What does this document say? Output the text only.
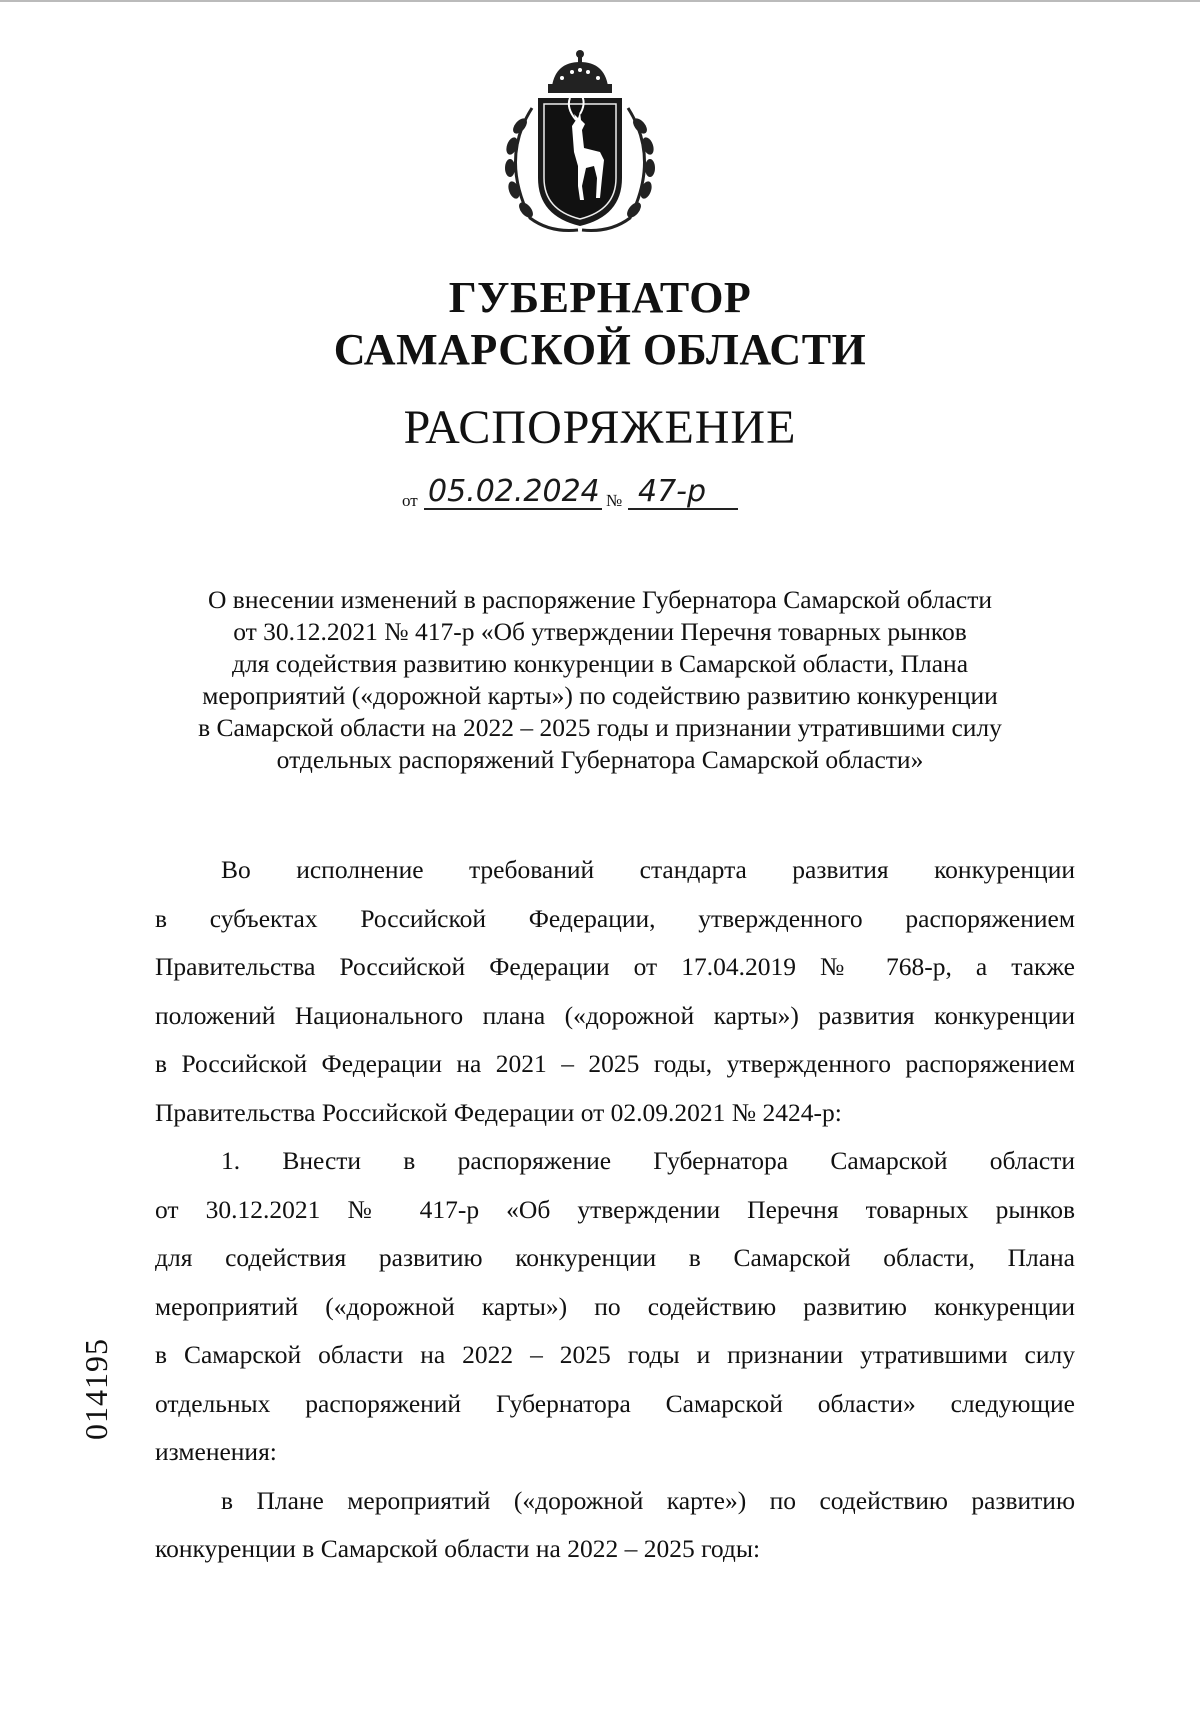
ГУБЕРНАТОР
САМАРСКОЙ ОБЛАСТИ
РАСПОРЯЖЕНИЕ
от 05.02.2024 № 47-р
О внесении изменений в распоряжение Губернатора Самарской области
от 30.12.2021 № 417-р «Об утверждении Перечня товарных рынков
для содействия развитию конкуренции в Самарской области, Плана
мероприятий («дорожной карты») по содействию развитию конкуренции
в Самарской области на 2022 – 2025 годы и признании утратившими силу
отдельных распоряжений Губернатора Самарской области»
Во исполнение требований стандарта развития конкуренции
в субъектах Российской Федерации, утвержденного распоряжением
Правительства Российской Федерации от 17.04.2019 № 768-р, а также
положений Национального плана («дорожной карты») развития конкуренции
в Российской Федерации на 2021 – 2025 годы, утвержденного распоряжением
Правительства Российской Федерации от 02.09.2021 № 2424-р:
1. Внести в распоряжение Губернатора Самарской области
от 30.12.2021 № 417-р «Об утверждении Перечня товарных рынков
для содействия развитию конкуренции в Самарской области, Плана
мероприятий («дорожной карты») по содействию развитию конкуренции
в Самарской области на 2022 – 2025 годы и признании утратившими силу
отдельных распоряжений Губернатора Самарской области» следующие
изменения:
в Плане мероприятий («дорожной карте») по содействию развитию
конкуренции в Самарской области на 2022 – 2025 годы:
014195
